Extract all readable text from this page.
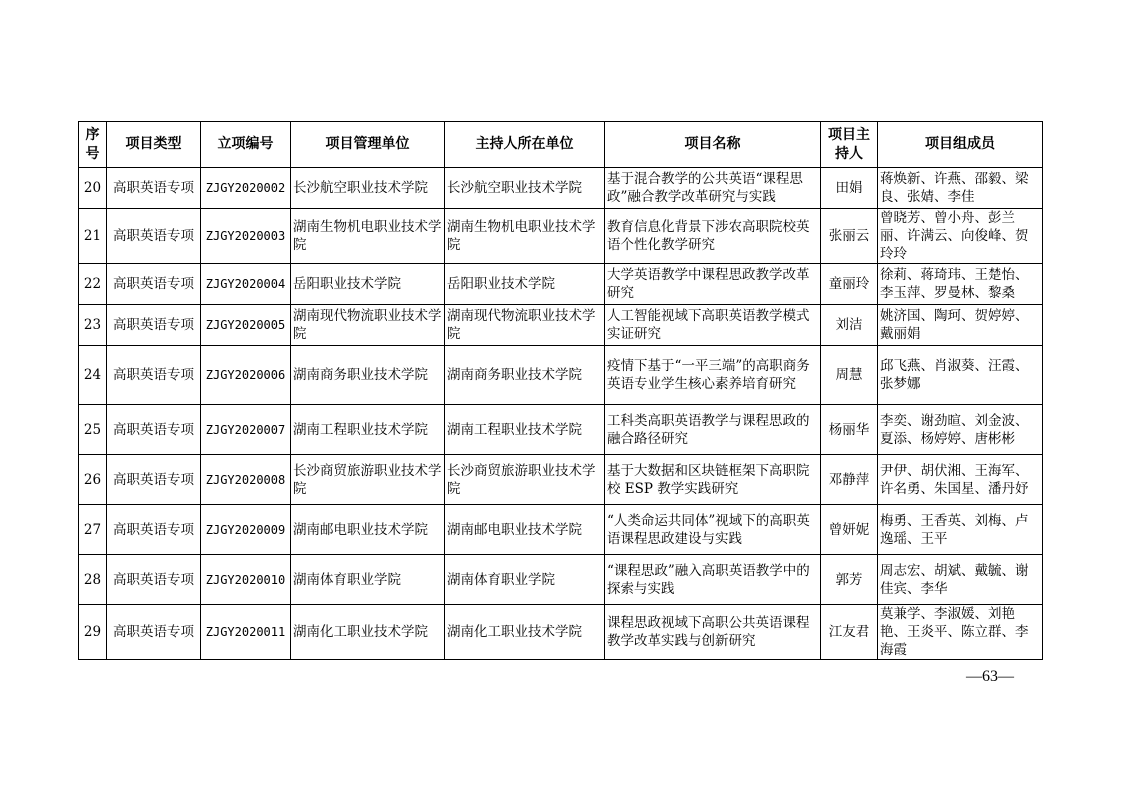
序号	项目类型	立项编号	项目管理单位	主持人所在单位	项目名称	项目主持人	项目组成员
20	高职英语专项	ZJGY2020002	长沙航空职业技术学院	长沙航空职业技术学院	基于混合教学的公共英语“课程思政”融合教学改革研究与实践	田娟	蒋焕新、许燕、邵毅、梁良、张婧、李佳
21	高职英语专项	ZJGY2020003	湖南生物机电职业技术学院	湖南生物机电职业技术学院	教育信息化背景下涉农高职院校英语个性化教学研究	张丽云	曾晓芳、曾小舟、彭兰丽、许满云、向俊峰、贺玲玲
22	高职英语专项	ZJGY2020004	岳阳职业技术学院	岳阳职业技术学院	大学英语教学中课程思政教学改革研究	童丽玲	徐莉、蒋琦玮、王楚怡、李玉萍、罗曼林、黎桑
23	高职英语专项	ZJGY2020005	湖南现代物流职业技术学院	湖南现代物流职业技术学院	人工智能视域下高职英语教学模式实证研究	刘洁	姚济国、陶珂、贺婷婷、戴丽娟
24	高职英语专项	ZJGY2020006	湖南商务职业技术学院	湖南商务职业技术学院	疫情下基于“一平三端”的高职商务英语专业学生核心素养培育研究	周慧	邱飞燕、肖淑葵、汪霞、张梦娜
25	高职英语专项	ZJGY2020007	湖南工程职业技术学院	湖南工程职业技术学院	工科类高职英语教学与课程思政的融合路径研究	杨丽华	李奕、谢劲暄、刘金波、夏添、杨婷婷、唐彬彬
26	高职英语专项	ZJGY2020008	长沙商贸旅游职业技术学院	长沙商贸旅游职业技术学院	基于大数据和区块链框架下高职院校 ESP 教学实践研究	邓静萍	尹伊、胡伏湘、王海军、许名勇、朱国星、潘丹妤
27	高职英语专项	ZJGY2020009	湖南邮电职业技术学院	湖南邮电职业技术学院	“人类命运共同体”视域下的高职英语课程思政建设与实践	曾妍妮	梅勇、王香英、刘梅、卢逸瑶、王平
28	高职英语专项	ZJGY2020010	湖南体育职业学院	湖南体育职业学院	“课程思政”融入高职英语教学中的探索与实践	郭芳	周志宏、胡斌、戴毓、谢佳宾、李华
29	高职英语专项	ZJGY2020011	湖南化工职业技术学院	湖南化工职业技术学院	课程思政视域下高职公共英语课程教学改革实践与创新研究	江友君	莫兼学、李淑媛、刘艳艳、王炎平、陈立群、李海霞
—63—
